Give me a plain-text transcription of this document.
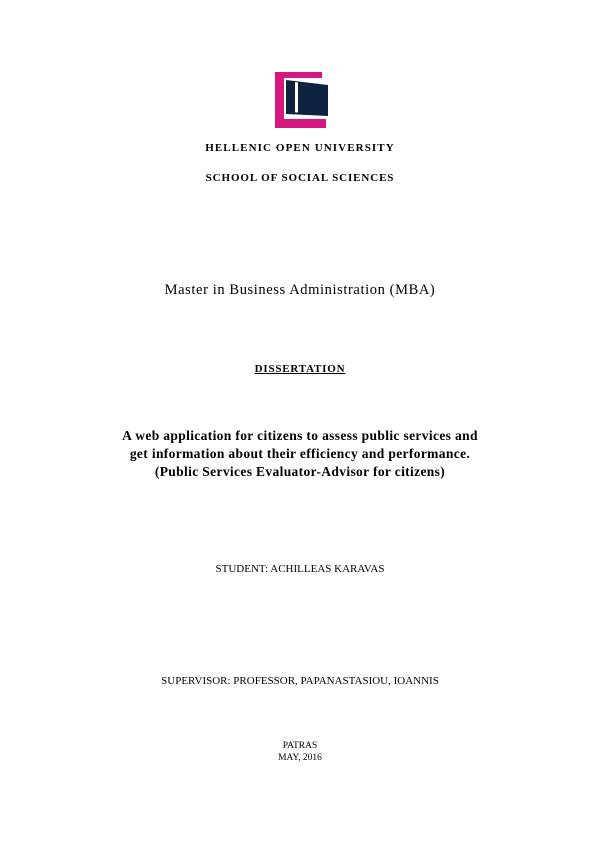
HELLENIC OPEN UNIVERSITY
SCHOOL OF SOCIAL SCIENCES
Master in Business Administration (MBA)
DISSERTATION
A web application for citizens to assess public services and
get information about their efficiency and performance.
(Public Services Evaluator-Advisor for citizens)
STUDENT: ACHILLEAS KARAVAS
SUPERVISOR: PROFESSOR, PAPANASTASIOU, IOANNIS
PATRAS
MAY, 2016
